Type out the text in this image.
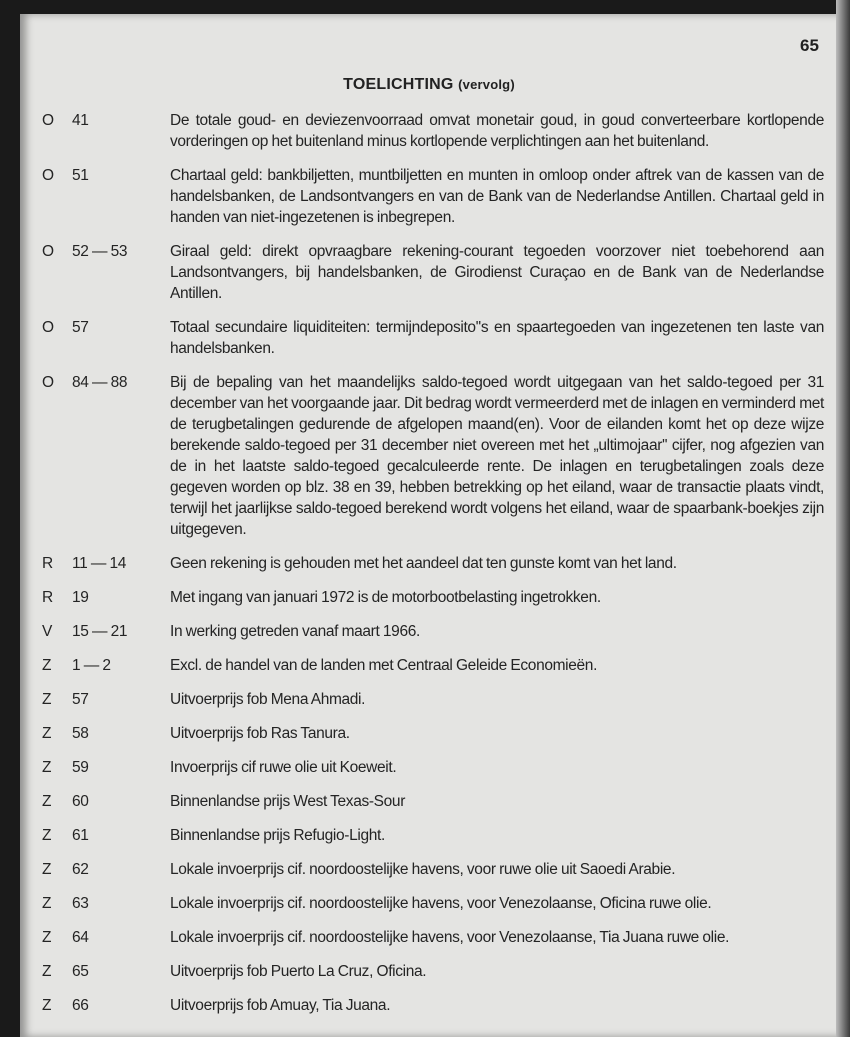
65
TOELICHTING (vervolg)
O	41	De totale goud- en deviezenvoorraad omvat monetair goud, in goud converteerbare kortlopende vorderingen op het buitenland minus kortlopende verplichtingen aan het buitenland.
O	51	Chartaal geld: bankbiljetten, muntbiljetten en munten in omloop onder aftrek van de kassen van de handelsbanken, de Landsontvangers en van de Bank van de Nederlandse Antillen. Chartaal geld in handen van niet-ingezetenen is inbegrepen.
O	52 — 53	Giraal geld: direkt opvraagbare rekening-courant tegoeden voorzover niet toebehorend aan Landsontvangers, bij handelsbanken, de Girodienst Curaçao en de Bank van de Nederlandse Antillen.
O	57	Totaal secundaire liquiditeiten: termijndeposito''s en spaartegoeden van ingezetenen ten laste van handelsbanken.
O	84 — 88	Bij de bepaling van het maandelijks saldo-tegoed wordt uitgegaan van het saldo-tegoed per 31 december van het voorgaande jaar. Dit bedrag wordt vermeerderd met de inlagen en verminderd met de terugbetalingen gedurende de afgelopen maand(en). Voor de eilanden komt het op deze wijze berekende saldo-tegoed per 31 december niet overeen met het „ultimojaar'' cijfer, nog afgezien van de in het laatste saldo-tegoed gecalculeerde rente. De inlagen en terugbetalingen zoals deze gegeven worden op blz. 38 en 39, hebben betrekking op het eiland, waar de transactie plaats vindt, terwijl het jaarlijkse saldo-tegoed berekend wordt volgens het eiland, waar de spaarbank-boekjes zijn uitgegeven.
R	11 — 14	Geen rekening is gehouden met het aandeel dat ten gunste komt van het land.
R	19	Met ingang van januari 1972 is de motorbootbelasting ingetrokken.
V	15 — 21	In werking getreden vanaf maart 1966.
Z	1 — 2	Excl. de handel van de landen met Centraal Geleide Economieën.
Z	57	Uitvoerprijs fob Mena Ahmadi.
Z	58	Uitvoerprijs fob Ras Tanura.
Z	59	Invoerprijs cif ruwe olie uit Koeweit.
Z	60	Binnenlandse prijs West Texas-Sour
Z	61	Binnenlandse prijs Refugio-Light.
Z	62	Lokale invoerprijs cif. noordoostelijke havens, voor ruwe olie uit Saoedi Arabie.
Z	63	Lokale invoerprijs cif. noordoostelijke havens, voor Venezolaanse, Oficina ruwe olie.
Z	64	Lokale invoerprijs cif. noordoostelijke havens, voor Venezolaanse, Tia Juana ruwe olie.
Z	65	Uitvoerprijs fob Puerto La Cruz, Oficina.
Z	66	Uitvoerprijs fob Amuay, Tia Juana.
